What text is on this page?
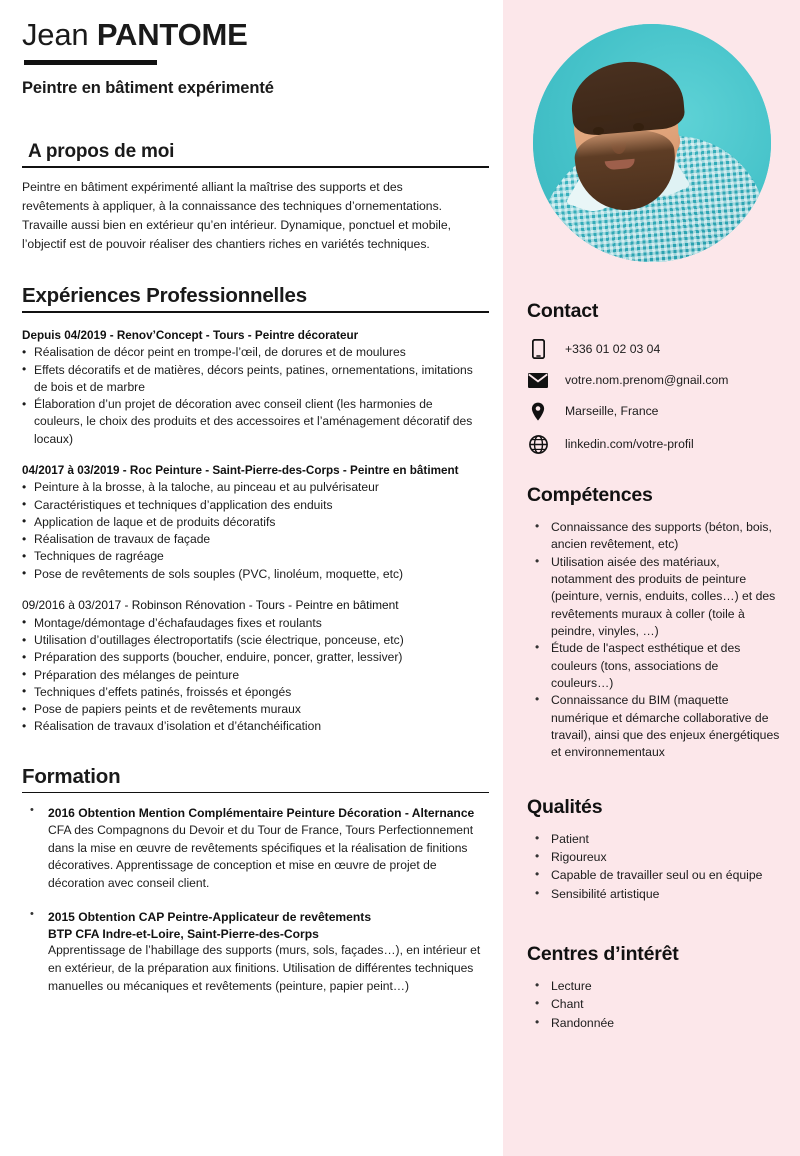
Jean PANTOME
Peintre en bâtiment expérimenté
A propos de moi

Peintre en bâtiment expérimenté alliant la maîtrise des supports et des revêtements à appliquer, à la connaissance des techniques d’ornementations. Travaille aussi bien en extérieur qu’en intérieur. Dynamique, ponctuel et mobile, l’objectif est de pouvoir réaliser des chantiers riches en variétés techniques.

Expériences Professionnelles
Depuis 04/2019 - Renov’Concept - Tours - Peintre décorateur
• Réalisation de décor peint en trompe-l’œil, de dorures et de moulures
• Effets décoratifs et de matières, décors peints, patines, ornementations, imitations de bois et de marbre
• Élaboration d’un projet de décoration avec conseil client (les harmonies de couleurs, le choix des produits et des accessoires et l’aménagement décoratif des locaux)
04/2017 à 03/2019 - Roc Peinture - Saint-Pierre-des-Corps - Peintre en bâtiment
• Peinture à la brosse, à la taloche, au pinceau et au pulvérisateur
• Caractéristiques et techniques d’application des enduits
• Application de laque et de produits décoratifs
• Réalisation de travaux de façade
• Techniques de ragréage
• Pose de revêtements de sols souples (PVC, linoléum, moquette, etc)
09/2016 à 03/2017 - Robinson Rénovation - Tours - Peintre en bâtiment
• Montage/démontage d’échafaudages fixes et roulants
• Utilisation d’outillages électroportatifs (scie électrique, ponceuse, etc)
• Préparation des supports (boucher, enduire, poncer, gratter, lessiver)
• Préparation des mélanges de peinture
• Techniques d’effets patinés, froissés et épongés
• Pose de papiers peints et de revêtements muraux
• Réalisation de travaux d’isolation et d’étanchéification
Formation
• 2016 Obtention Mention Complémentaire Peinture Décoration - Alternance
CFA des Compagnons du Devoir et du Tour de France, Tours Perfectionnement dans la mise en œuvre de revêtements spécifiques et la réalisation de finitions décoratives. Apprentissage de conception et mise en œuvre de projet de décoration avec conseil client.
• 2015 Obtention CAP Peintre-Applicateur de revêtements
BTP CFA Indre-et-Loire, Saint-Pierre-des-Corps
Apprentissage de l’habillage des supports (murs, sols, façades…), en intérieur et en extérieur, de la préparation aux finitions. Utilisation de différentes techniques manuelles ou mécaniques et revêtements (peinture, papier peint…)
Contact
+336 01 02 03 04
votre.nom.prenom@gnail.com
Marseille, France
linkedin.com/votre-profil
Compétences
• Connaissance des supports (béton, bois, ancien revêtement, etc)
• Utilisation aisée des matériaux, notamment des produits de peinture (peinture, vernis, enduits, colles…) et des revêtements muraux à coller (toile à peindre, vinyles, …)
• Étude de l'aspect esthétique et des couleurs (tons, associations de couleurs…)
• Connaissance du BIM (maquette numérique et démarche collaborative de travail), ainsi que des enjeux énergétiques et environnementaux
Qualités
• Patient
• Rigoureux
• Capable de travailler seul ou en équipe
• Sensibilité artistique
Centres d’intérêt
• Lecture
• Chant
• Randonnée
